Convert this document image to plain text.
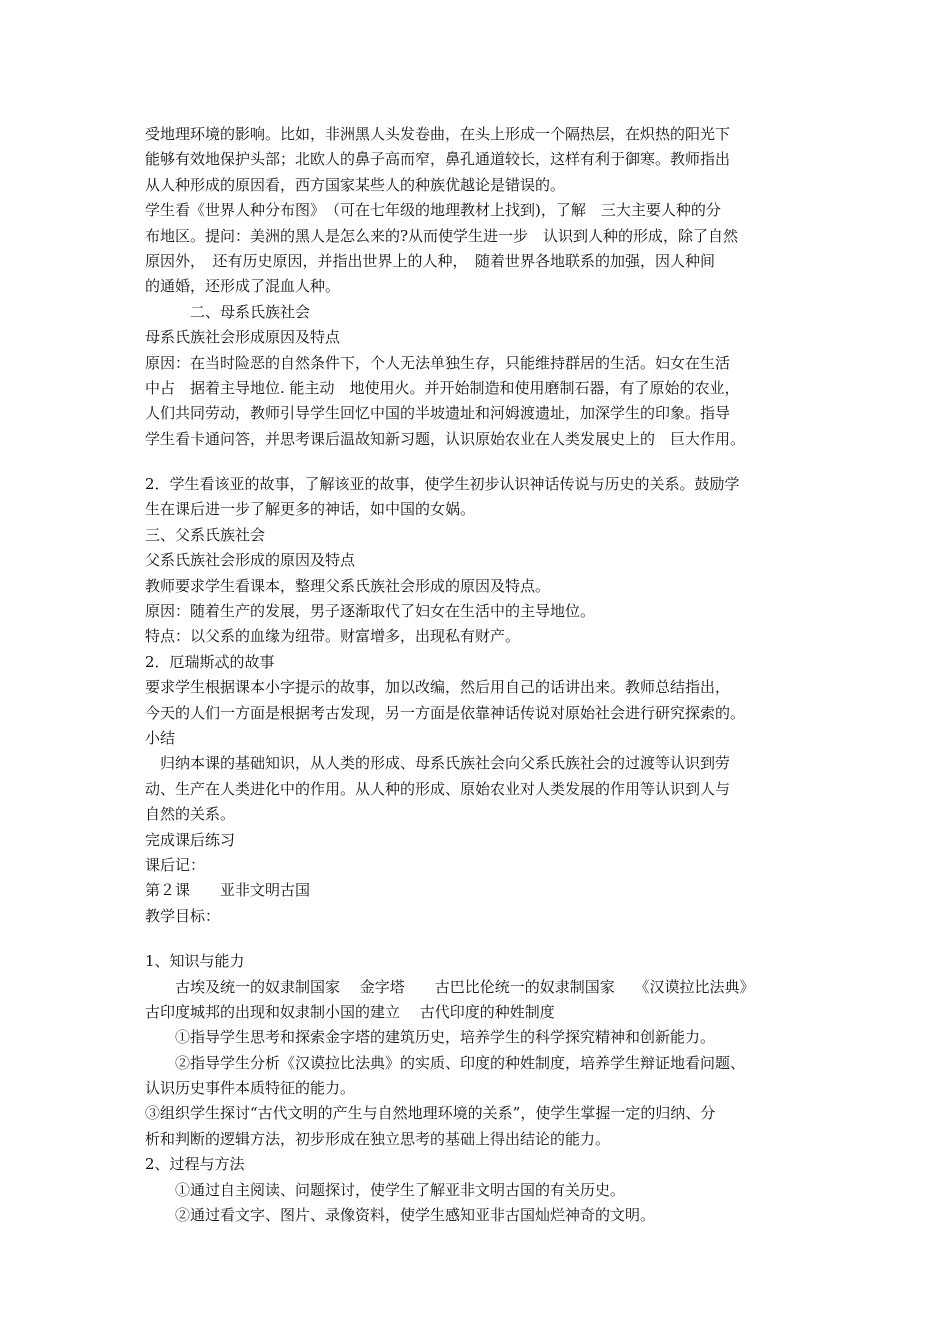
受地理环境的影响。比如，非洲黑人头发卷曲，在头上形成一个隔热层，在炽热的阳光下
能够有效地保护头部；北欧人的鼻子高而窄，鼻孔通道较长，这样有利于御寒。教师指出
从人种形成的原因看，西方国家某些人的种族优越论是错误的。
学生看《世界人种分布图》　（可在七年级的地理教材上找到)，了解　三大主要人种的分
布地区。提问：美洲的黑人是怎么来的?从而使学生进一步　认识到人种的形成，除了自然
原因外，　还有历史原因，并指出世界上的人种，　随着世界各地联系的加强，因人种间
的通婚，还形成了混血人种。
　　　二、母系氏族社会
母系氏族社会形成原因及特点
原因：在当时险恶的自然条件下，个人无法单独生存，只能维持群居的生活。妇女在生活
中占　据着主导地位. 能主动　地使用火。并开始制造和使用磨制石器，有了原始的农业，
人们共同劳动，教师引导学生回忆中国的半坡遗址和河姆渡遗址，加深学生的印象。指导
学生看卡通问答，并思考课后温故知新习题，认识原始农业在人类发展史上的　巨大作用。
2．学生看该亚的故事，了解该亚的故事，使学生初步认识神话传说与历史的关系。鼓励学
生在课后进一步了解更多的神话，如中国的女娲。
三、父系氏族社会
父系氏族社会形成的原因及特点
教师要求学生看课本，整理父系氏族社会形成的原因及特点。
原因：随着生产的发展，男子逐渐取代了妇女在生活中的主导地位。
特点：以父系的血缘为纽带。财富增多，出现私有财产。
2．厄瑞斯忒的故事
要求学生根据课本小字提示的故事，加以改编，然后用自己的话讲出来。教师总结指出，
今天的人们一方面是根据考古发现，另一方面是依靠神话传说对原始社会进行研究探索的。
小结
　归纳本课的基础知识，从人类的形成、母系氏族社会向父系氏族社会的过渡等认识到劳
动、生产在人类进化中的作用。从人种的形成、原始农业对人类发展的作用等认识到人与
自然的关系。
完成课后练习
课后记：
第２课　　亚非文明古国
教学目标：
1、知识与能力
　　古埃及统一的奴隶制国家　 金字塔　　古巴比伦统一的奴隶制国家　 《汉谟拉比法典》
古印度城邦的出现和奴隶制小国的建立　 古代印度的种姓制度
　　①指导学生思考和探索金字塔的建筑历史，培养学生的科学探究精神和创新能力。
　　②指导学生分析《汉谟拉比法典》的实质、印度的种姓制度，培养学生辩证地看问题、
认识历史事件本质特征的能力。
③组织学生探讨“古代文明的产生与自然地理环境的关系”，使学生掌握一定的归纳、分
析和判断的逻辑方法，初步形成在独立思考的基础上得出结论的能力。
2、过程与方法
　　①通过自主阅读、问题探讨，使学生了解亚非文明古国的有关历史。
　　②通过看文字、图片、录像资料，使学生感知亚非古国灿烂神奇的文明。
